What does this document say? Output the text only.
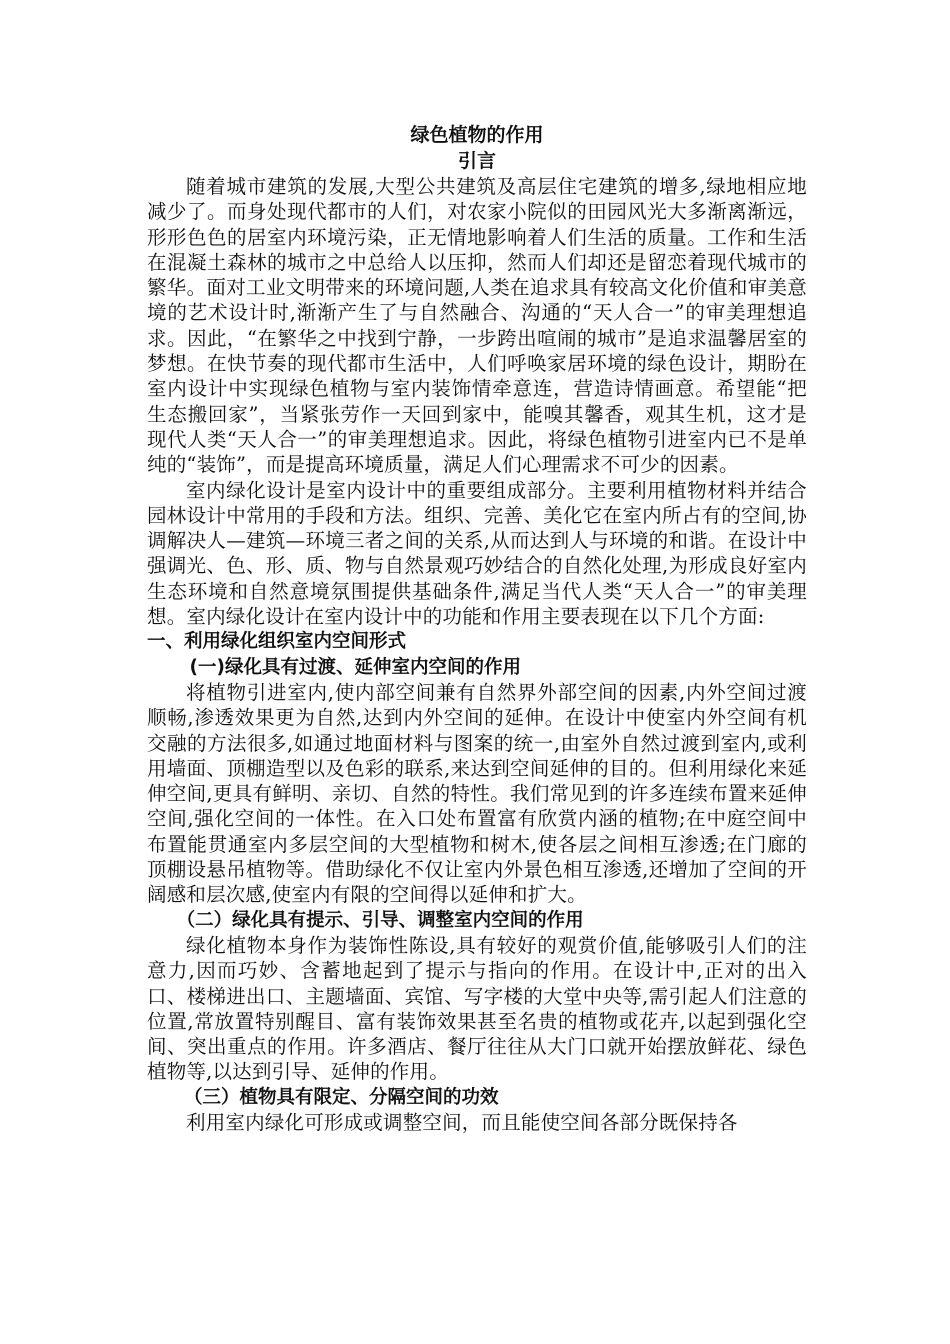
绿色植物的作用

引言

随着城市建筑的发展,大型公共建筑及高层住宅建筑的增多,绿地相应地减少了。而身处现代都市的人们，对农家小院似的田园风光大多渐离渐远，形形色色的居室内环境污染，正无情地影响着人们生活的质量。工作和生活在混凝土森林的城市之中总给人以压抑，然而人们却还是留恋着现代城市的繁华。面对工业文明带来的环境问题,人类在追求具有较高文化价值和审美意境的艺术设计时,渐渐产生了与自然融合、沟通的“天人合一”的审美理想追求。因此，“在繁华之中找到宁静，一步跨出喧闹的城市”是追求温馨居室的梦想。在快节奏的现代都市生活中，人们呼唤家居环境的绿色设计，期盼在室内设计中实现绿色植物与室内装饰情牵意连，营造诗情画意。希望能“把生态搬回家”，当紧张劳作一天回到家中，能嗅其馨香，观其生机，这才是现代人类“天人合一”的审美理想追求。因此，将绿色植物引进室内已不是单纯的“装饰”，而是提高环境质量，满足人们心理需求不可少的因素。

室内绿化设计是室内设计中的重要组成部分。主要利用植物材料并结合园林设计中常用的手段和方法。组织、完善、美化它在室内所占有的空间,协调解决人—建筑—环境三者之间的关系,从而达到人与环境的和谐。在设计中强调光、色、形、质、物与自然景观巧妙结合的自然化处理,为形成良好室内生态环境和自然意境氛围提供基础条件,满足当代人类“天人合一”的审美理想。室内绿化设计在室内设计中的功能和作用主要表现在以下几个方面:

一、利用绿化组织室内空间形式

(一)绿化具有过渡、延伸室内空间的作用

将植物引进室内,使内部空间兼有自然界外部空间的因素,内外空间过渡顺畅,渗透效果更为自然,达到内外空间的延伸。在设计中使室内外空间有机交融的方法很多,如通过地面材料与图案的统一,由室外自然过渡到室内,或利用墙面、顶棚造型以及色彩的联系,来达到空间延伸的目的。但利用绿化来延伸空间,更具有鲜明、亲切、自然的特性。我们常见到的许多连续布置来延伸空间,强化空间的一体性。在入口处布置富有欣赏内涵的植物;在中庭空间中布置能贯通室内多层空间的大型植物和树木,使各层之间相互渗透;在门廊的顶棚设悬吊植物等。借助绿化不仅让室内外景色相互渗透,还增加了空间的开阔感和层次感,使室内有限的空间得以延伸和扩大。

（二）绿化具有提示、引导、调整室内空间的作用

绿化植物本身作为装饰性陈设,具有较好的观赏价值,能够吸引人们的注意力,因而巧妙、含蓄地起到了提示与指向的作用。在设计中,正对的出入口、楼梯进出口、主题墙面、宾馆、写字楼的大堂中央等,需引起人们注意的位置,常放置特别醒目、富有装饰效果甚至名贵的植物或花卉,以起到强化空间、突出重点的作用。许多酒店、餐厅往往从大门口就开始摆放鲜花、绿色植物等,以达到引导、延伸的作用。

（三）植物具有限定、分隔空间的功效

利用室内绿化可形成或调整空间，而且能使空间各部分既保持各
